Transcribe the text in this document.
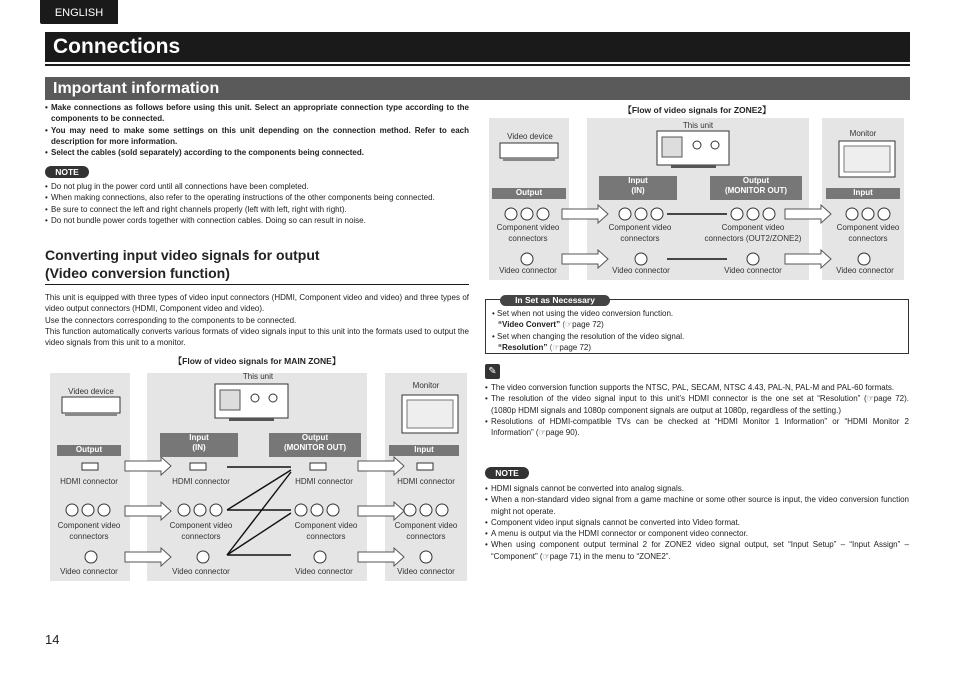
ENGLISH
Connections
Important information
• Make connections as follows before using this unit. Select an appropriate connection type according to the components to be connected.
• You may need to make some settings on this unit depending on the connection method. Refer to each description for more information.
• Select the cables (sold separately) according to the components being connected.
NOTE
• Do not plug in the power cord until all connections have been completed.
• When making connections, also refer to the operating instructions of the other components being connected.
• Be sure to connect the left and right channels properly (left with left, right with right).
• Do not bundle power cords together with connection cables. Doing so can result in noise.
Converting input video signals for output
(Video conversion function)

This unit is equipped with three types of video input connectors (HDMI, Component video and video) and three types of video output connectors (HDMI, Component video and video).

Use the connectors corresponding to the components to be connected.

This function automatically converts various formats of video signals input to this unit into the formats used to output the video signals from this unit to a monitor.

【Flow of video signals for MAIN ZONE】
Video device
This unit
Monitor
Output
Input
(IN)
Output
(MONITOR OUT)	Input
HDMI connector	HDMI connector	HDMI connector	HDMI connector
Component video
connectors
Component video
connectors
Component video
connectors
Component video
connectors
Video connector	Video connector	Video connector	Video connector
【Flow of video signals for ZONE2】
Video device
This unit
Monitor
Output
Input
(IN)
Output
(MONITOR OUT)	Input
Component video
connectors
Component video
connectors
Component video
connectors (OUT2/ZONE2)
Component video
connectors
Video connector	Video connector	Video connector	Video connector
In Set as Necessary
• Set when not using the video conversion function.
“Video Convert” (☞page 72)
• Set when changing the resolution of the video signal.
“Resolution” (☞page 72)
✎
• The video conversion function supports the NTSC, PAL, SECAM, NTSC 4.43, PAL-N, PAL-M and PAL-60 formats.
• The resolution of the video signal input to this unit’s HDMI connector is the one set at “Resolution” (☞page 72). (1080p HDMI signals and 1080p component signals are output at 1080p, regardless of the setting.)
• Resolutions of HDMI-compatible TVs can be checked at “HDMI Monitor 1 Information” or “HDMI Monitor 2 Information” (☞page 90).
NOTE
• HDMI signals cannot be converted into analog signals.
• When a non-standard video signal from a game machine or some other source is input, the video conversion function might not operate.
• Component video input signals cannot be converted into Video format.
• A menu is output via the HDMI connector or component video connector.
• When using component output terminal 2 for ZONE2 video signal output, set “Input Setup” – “Input Assign” – “Component” (☞page 71) in the menu to “ZONE2”.
14
